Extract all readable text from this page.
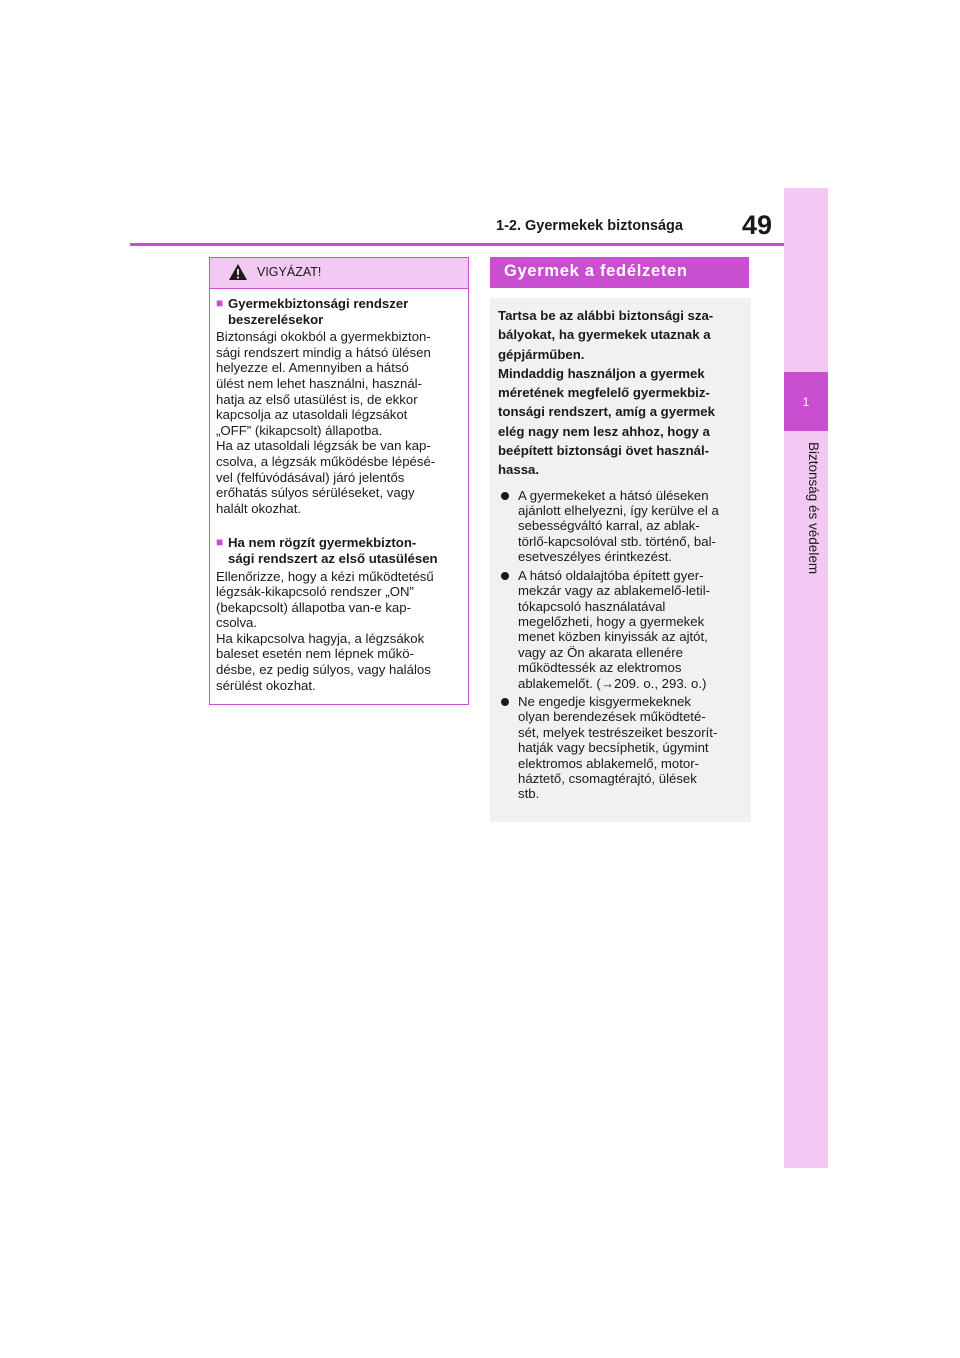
1-2. Gyermekek biztonsága 49
1
Biztonság és védelem
VIGYÁZAT!
■ Gyermekbiztonsági rendszer beszerelésekor
Biztonsági okokból a gyermekbizton-
sági rendszert mindig a hátsó ülésen
helyezze el. Amennyiben a hátsó
ülést nem lehet használni, használ-
hatja az első utasülést is, de ekkor
kapcsolja az utasoldali légzsákot
„OFF” (kikapcsolt) állapotba.
Ha az utasoldali légzsák be van kap-
csolva, a légzsák működésbe lépésé-
vel (felfúvódásával) járó jelentős
erőhatás súlyos sérüléseket, vagy
halált okozhat.
■ Ha nem rögzít gyermekbizton-
sági rendszert az első utasülésen
Ellenőrizze, hogy a kézi működtetésű
légzsák-kikapcsoló rendszer „ON”
(bekapcsolt) állapotba van-e kap-
csolva.
Ha kikapcsolva hagyja, a légzsákok
baleset esetén nem lépnek műkö-
désbe, ez pedig súlyos, vagy halálos
sérülést okozhat.
Gyermek a fedélzeten
Tartsa be az alábbi biztonsági sza-
bályokat, ha gyermekek utaznak a
gépjárműben.
Mindaddig használjon a gyermek
méretének megfelelő gyermekbiz-
tonsági rendszert, amíg a gyermek
elég nagy nem lesz ahhoz, hogy a
beépített biztonsági övet használ-
hassa.
A gyermekeket a hátsó üléseken
ajánlott elhelyezni, így kerülve el a
sebességváltó karral, az ablak-
törlő-kapcsolóval stb. történő, bal-
esetveszélyes érintkezést.
A hátsó oldalajtóba épített gyer-
mekzár vagy az ablakemelő-letil-
tókapcsoló használatával
megelőzheti, hogy a gyermekek
menet közben kinyissák az ajtót,
vagy az Ön akarata ellenére
működtessék az elektromos
ablakemelőt. (→209. o., 293. o.)
Ne engedje kisgyermekeknek
olyan berendezések működteté-
sét, melyek testrészeiket beszorít-
hatják vagy becsíphetik, úgymint
elektromos ablakemelő, motor-
háztető, csomagtérajtó, ülések
stb.
